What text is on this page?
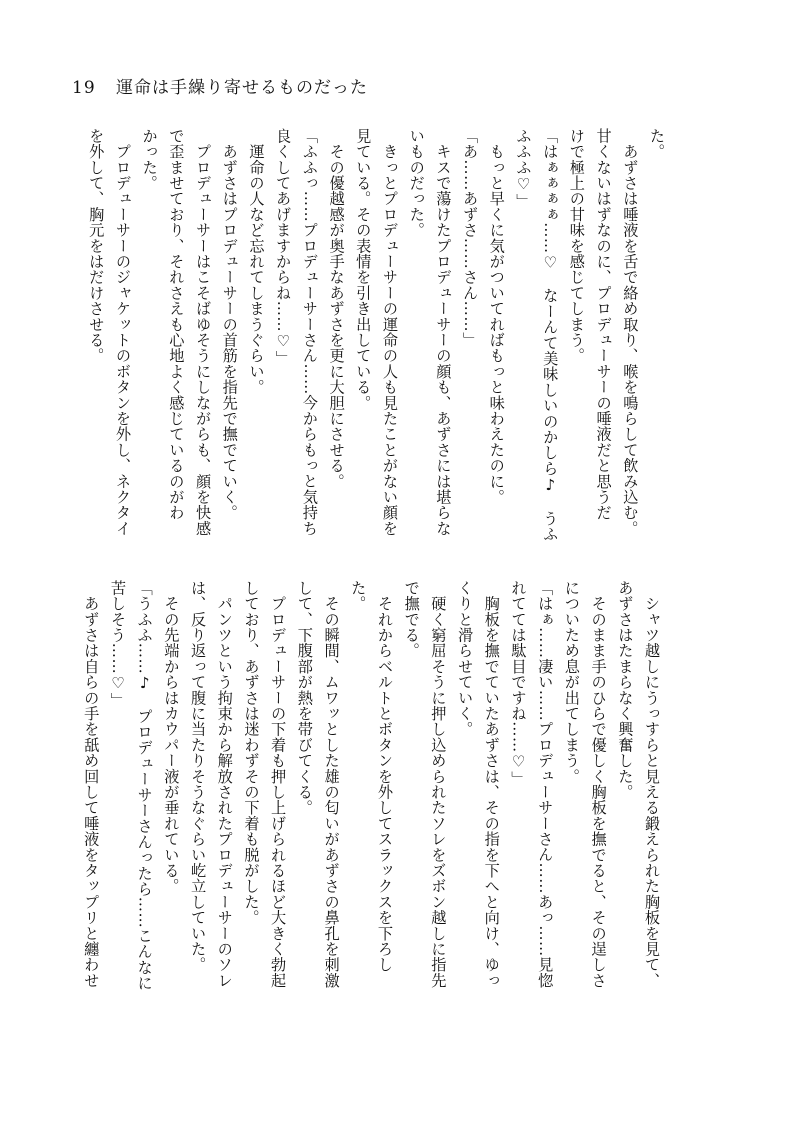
19 運命は手繰り寄せるものだった
た。
　あずさは唾液を舌で絡め取り、喉を鳴らして飲み込む。
甘くないはずなのに、プロデューサーの唾液だと思うだ
けで極上の甘味を感じてしまう。
「はぁぁぁぁ……♡　なーんて美味しいのかしら♪　うふ
ふふふ♡」
　もっと早くに気がついてればもっと味わえたのに。
「あ……あずさ……さん……」
　キスで蕩けたプロデューサーの顔も、あずさには堪らな
いものだった。
　きっとプロデューサーの運命の人も見たことがない顔を
見ている。その表情を引き出している。
　その優越感が奥手なあずさを更に大胆にさせる。
「ふふっ……プロデューサーさん……今からもっと気持ち
良くしてあげますからね……♡」
　運命の人など忘れてしまうぐらい。
　あずさはプロデューサーの首筋を指先で撫でていく。
　プロデューサーはこそばゆそうにしながらも、顔を快感
で歪ませており、それさえも心地よく感じているのがわ
かった。
　プロデューサーのジャケットのボタンを外し、ネクタイ
を外して、胸元をはだけさせる。
　シャツ越しにうっすらと見える鍛えられた胸板を見て、
あずさはたまらなく興奮した。
　そのまま手のひらで優しく胸板を撫でると、その逞しさ
についため息が出てしまう。
「はぁ……凄い……プロデューサーさん……あっ……見惚
れてては駄目ですね……♡」
　胸板を撫でていたあずさは、その指を下へと向け、ゆっ
くりと滑らせていく。
　硬く窮屈そうに押し込められたソレをズボン越しに指先
で撫でる。
　それからベルトとボタンを外してスラックスを下ろし
た。
　その瞬間、ムワッとした雄の匂いがあずさの鼻孔を刺激
して、下腹部が熱を帯びてくる。
　プロデューサーの下着も押し上げられるほど大きく勃起
しており、あずさは迷わずその下着も脱がした。
　パンツという拘束から解放されたプロデューサーのソレ
は、反り返って腹に当たりそうなぐらい屹立していた。
　その先端からはカウパー液が垂れている。
「うふふ……♪　プロデューサーさんったら……こんなに
苦しそう……♡」
　あずさは自らの手を舐め回して唾液をタップリと纏わせ
